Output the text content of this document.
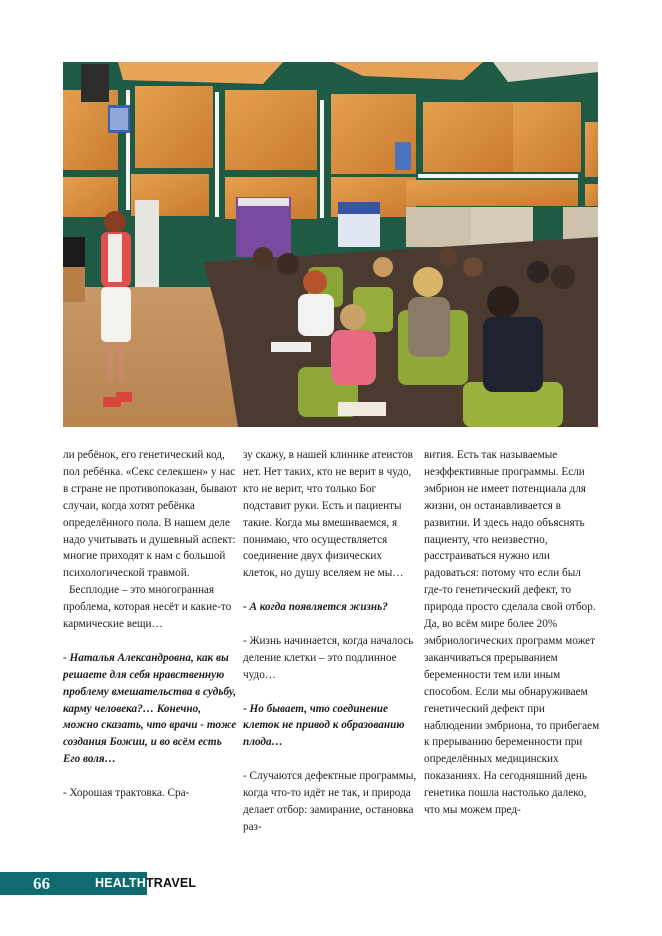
ли ребёнок, его генетический код, пол ребёнка. «Секс селекшен» у нас в стране не противопоказан, бывают случаи, когда хотят ребёнка определённого пола. В нашем деле надо учитывать и душевный аспект: многие приходят к нам с большой психологической травмой.

Бесплодие – это многогранная проблема, которая несёт и какие-то кармические вещи…

- Наталья Александровна, как вы решаете для себя нравственную проблему вмешательства в судьбу, карму человека?… Конечно, можно сказать, что врачи - тоже создания Божии, и во всём есть Его воля…

- Хорошая трактовка. Сра-

зу скажу, в нашей клинике атеистов нет. Нет таких, кто не верит в чудо, кто не верит, что только Бог подставит руки. Есть и пациенты такие. Когда мы вмешиваемся, я понимаю, что осуществляется соединение двух физических клеток, но душу вселяем не мы…

- А когда появляется жизнь?

- Жизнь начинается, когда началось деление клетки – это подлинное чудо…

- Но бывает, что соединение клеток не привод к образованию плода…

- Случаются дефектные программы, когда что-то идёт не так, и природа делает отбор: замирание, остановка раз-

вития. Есть так называемые неэффективные программы. Если эмбрион не имеет потенциала для жизни, он останавливается в развитии. И здесь надо объяснять пациенту, что неизвестно, расстраиваться нужно или радоваться: потому что если был где-то генетический дефект, то природа просто сделала свой отбор. Да, во всём мире более 20% эмбриологических программ может заканчиваться прерыванием беременности тем или иным способом. Если мы обнаруживаем генетический дефект при наблюдении эмбриона, то прибегаем к прерыванию беременности при определённых медицинских показаниях. На сегодняшний день генетика пошла настолько далеко, что мы можем пред-

66	HEALTHTRAVEL
